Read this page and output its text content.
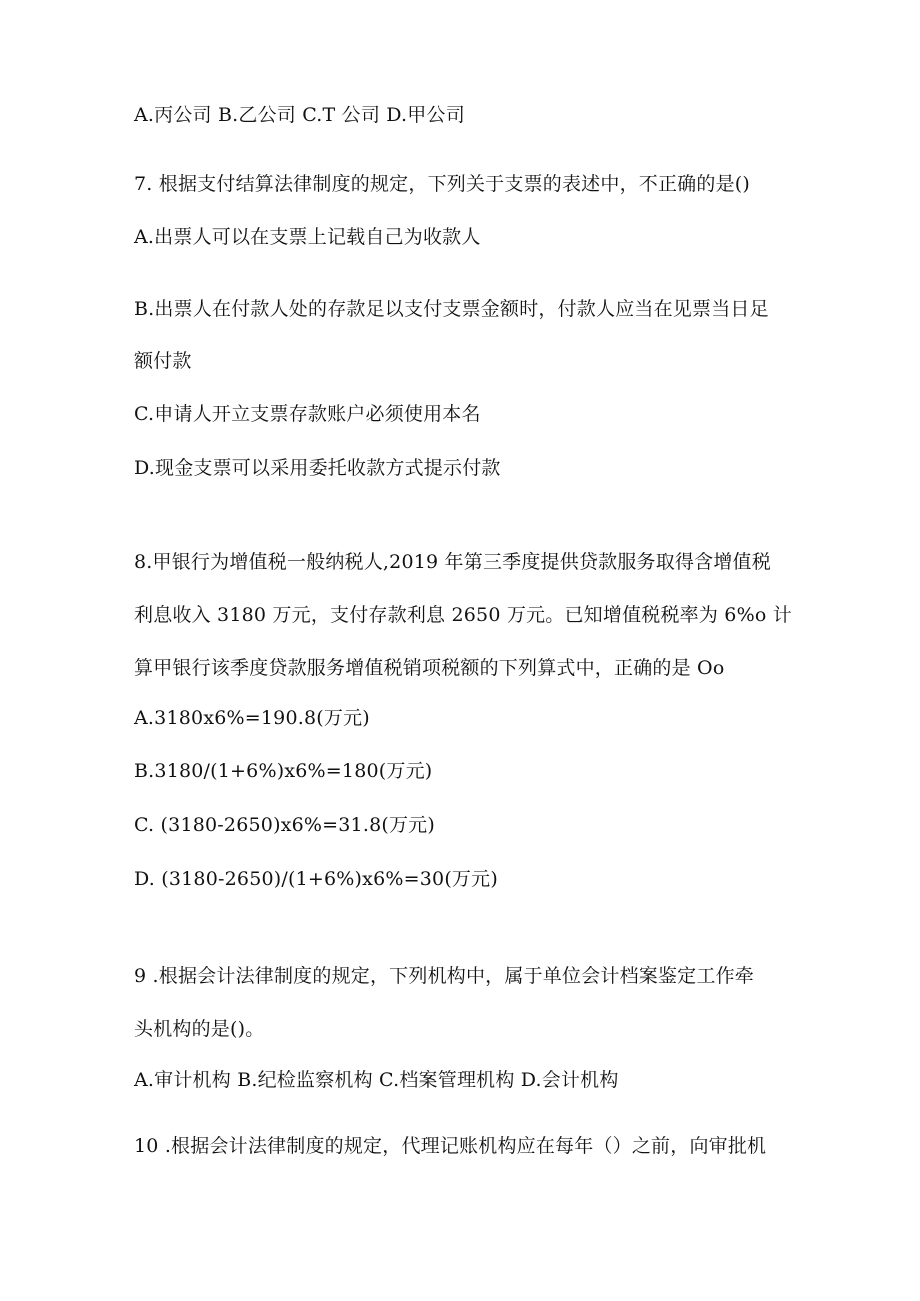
A.丙公司 B.乙公司 C.T 公司 D.甲公司
7. 根据支付结算法律制度的规定，下列关于支票的表述中，不正确的是()
A.出票人可以在支票上记载自己为收款人
B.出票人在付款人处的存款足以支付支票金额时，付款人应当在见票当日足
额付款
C.申请人开立支票存款账户必须使用本名
D.现金支票可以采用委托收款方式提示付款
8.甲银行为增值税一般纳税人,2019 年第三季度提供贷款服务取得含增值税
利息收入 3180 万元，支付存款利息 2650 万元。已知增值税税率为 6%o 计
算甲银行该季度贷款服务增值税销项税额的下列算式中，正确的是 Oo
A.3180x6%=190.8(万元)
B.3180/(1+6%)x6%=180(万元)
C. (3180-2650)x6%=31.8(万元)
D. (3180-2650)/(1+6%)x6%=30(万元)
9 .根据会计法律制度的规定，下列机构中，属于单位会计档案鉴定工作牵
头机构的是()。
A.审计机构 B.纪检监察机构 C.档案管理机构 D.会计机构
10 .根据会计法律制度的规定，代理记账机构应在每年（）之前，向审批机
